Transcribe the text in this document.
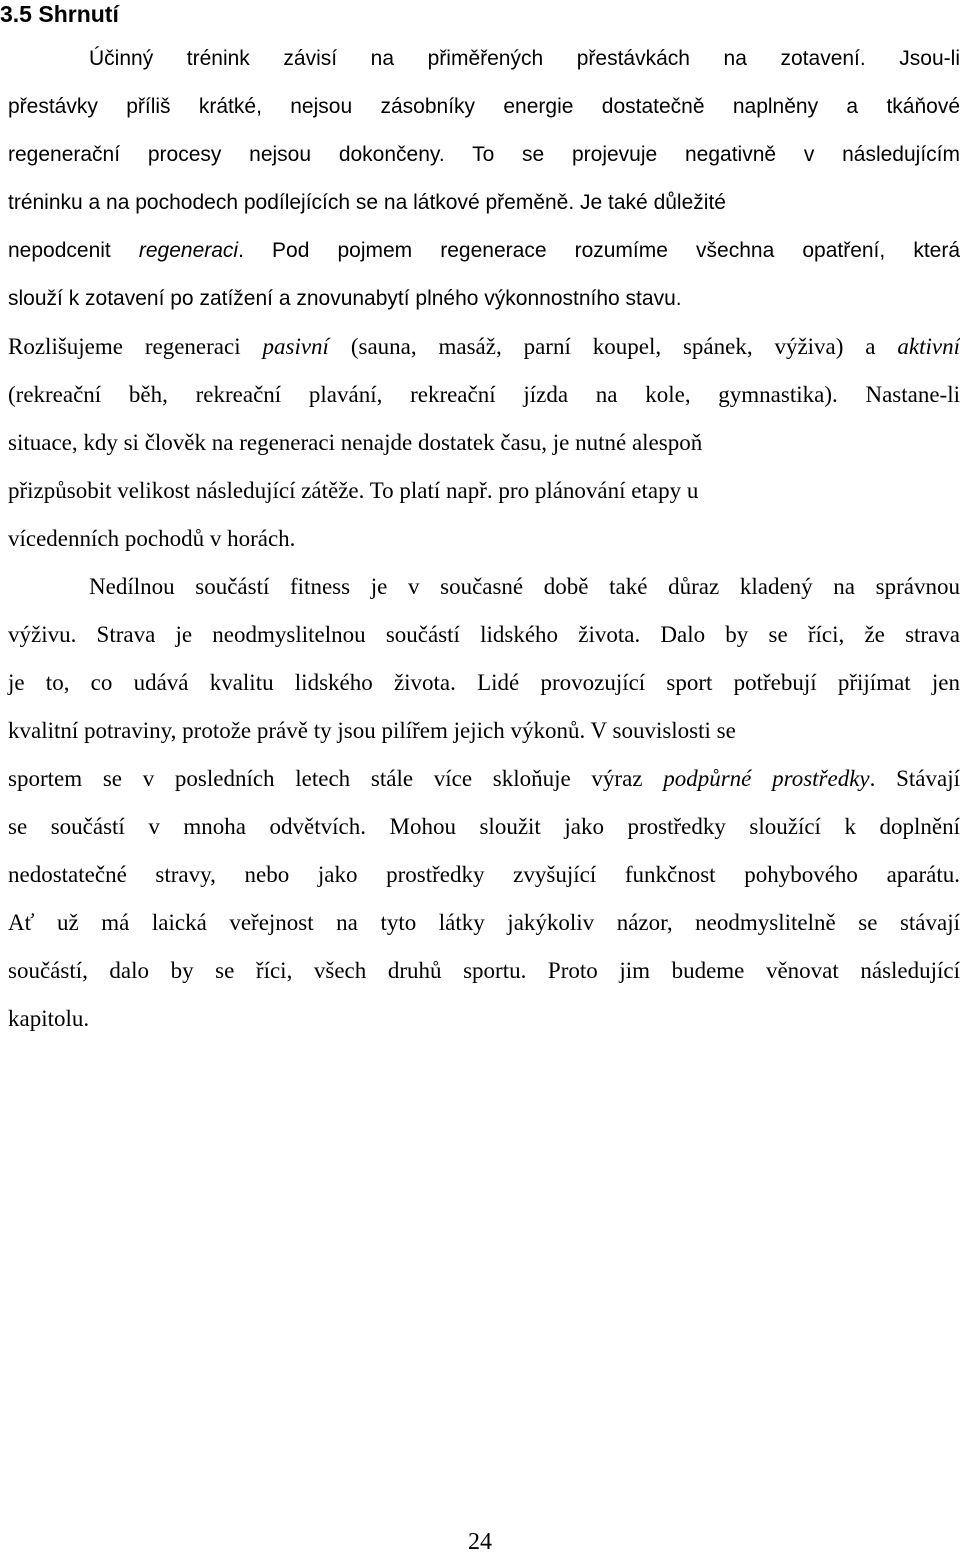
3.5 Shrnutí
Účinný trénink závisí na přiměřených přestávkách na zotavení. Jsou-li
přestávky příliš krátké, nejsou zásobníky energie dostatečně naplněny a tkáňové
regenerační procesy nejsou dokončeny. To se projevuje negativně v následujícím
tréninku a na pochodech podílejících se na látkové přeměně. Je také důležité
nepodcenit regeneraci. Pod pojmem regenerace rozumíme všechna opatření, která
slouží k zotavení po zatížení a znovunabytí plného výkonnostního stavu.
Rozlišujeme regeneraci pasivní (sauna, masáž, parní koupel, spánek, výživa) a aktivní
(rekreační běh, rekreační plavání, rekreační jízda na kole, gymnastika). Nastane-li
situace, kdy si člověk na regeneraci nenajde dostatek času, je nutné alespoň
přizpůsobit velikost následující zátěže. To platí např. pro plánování etapy u
vícedenních pochodů v horách.
Nedílnou součástí fitness je v současné době také důraz kladený na správnou
výživu. Strava je neodmyslitelnou součástí lidského života. Dalo by se říci, že strava
je to, co udává kvalitu lidského života. Lidé provozující sport potřebují přijímat jen
kvalitní potraviny, protože právě ty jsou pilířem jejich výkonů. V souvislosti se
sportem se v posledních letech stále více skloňuje výraz podpůrné prostředky. Stávají
se součástí v mnoha odvětvích. Mohou sloužit jako prostředky sloužící k doplnění
nedostatečné stravy, nebo jako prostředky zvyšující funkčnost pohybového aparátu.
Ať už má laická veřejnost na tyto látky jakýkoliv názor, neodmyslitelně se stávají
součástí, dalo by se říci, všech druhů sportu. Proto jim budeme věnovat následující
kapitolu.

24
